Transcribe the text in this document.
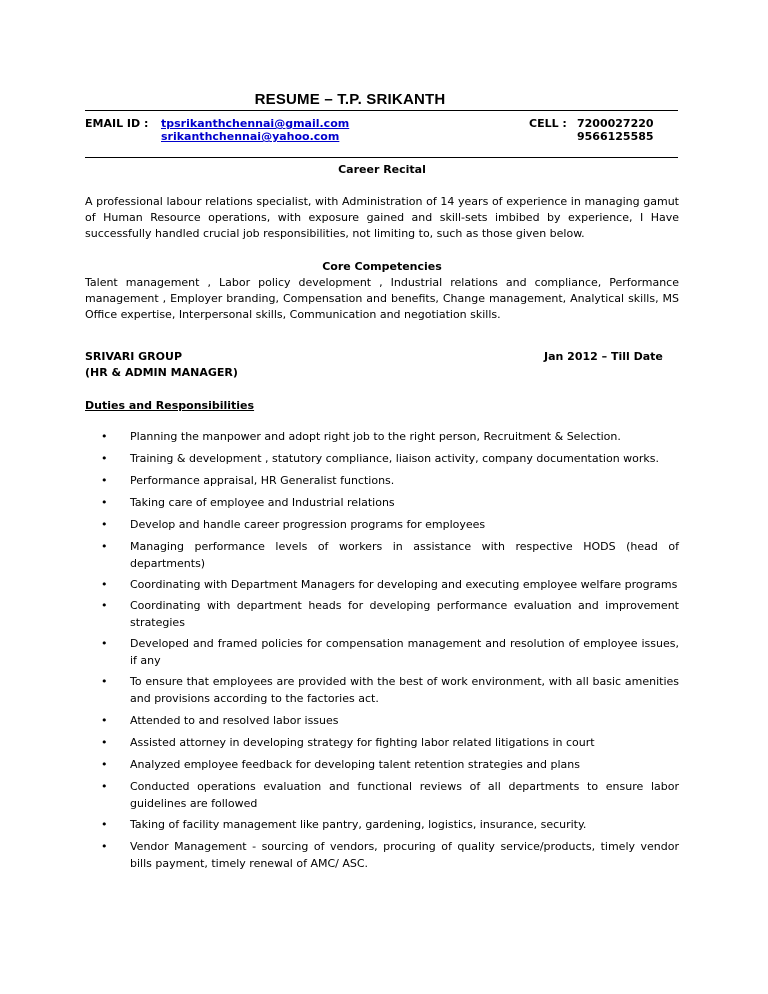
RESUME – T.P. SRIKANTH
EMAIL ID : tpsrikanthchennai@gmail.com
srikanthchennai@yahoo.com
CELL : 7200027220
9566125585
Career Recital
A professional labour relations specialist, with Administration of 14 years of experience in managing gamut of Human Resource operations, with exposure gained and skill-sets imbibed by experience, I Have successfully handled crucial job responsibilities, not limiting to, such as those given below.
Core Competencies
Talent management , Labor policy development , Industrial relations and compliance, Performance management , Employer branding, Compensation and benefits, Change management, Analytical skills, MS Office expertise, Interpersonal skills, Communication and negotiation skills.
SRIVARI GROUP
(HR & ADMIN MANAGER)
Jan 2012 – Till Date
Duties and Responsibilities
• Planning the manpower and adopt right job to the right person, Recruitment & Selection.
• Training & development , statutory compliance, liaison activity, company documentation works.
• Performance appraisal, HR Generalist functions.
• Taking care of employee and Industrial relations
• Develop and handle career progression programs for employees
• Managing performance levels of workers in assistance with respective HODS (head of departments)
• Coordinating with Department Managers for developing and executing employee welfare programs
• Coordinating with department heads for developing performance evaluation and improvement strategies
• Developed and framed policies for compensation management and resolution of employee issues, if any
• To ensure that employees are provided with the best of work environment, with all basic amenities and provisions according to the factories act.
• Attended to and resolved labor issues
• Assisted attorney in developing strategy for fighting labor related litigations in court
• Analyzed employee feedback for developing talent retention strategies and plans
• Conducted operations evaluation and functional reviews of all departments to ensure labor guidelines are followed
• Taking of facility management like pantry, gardening, logistics, insurance, security.
• Vendor Management - sourcing of vendors, procuring of quality service/products, timely vendor bills payment, timely renewal of AMC/ ASC.
